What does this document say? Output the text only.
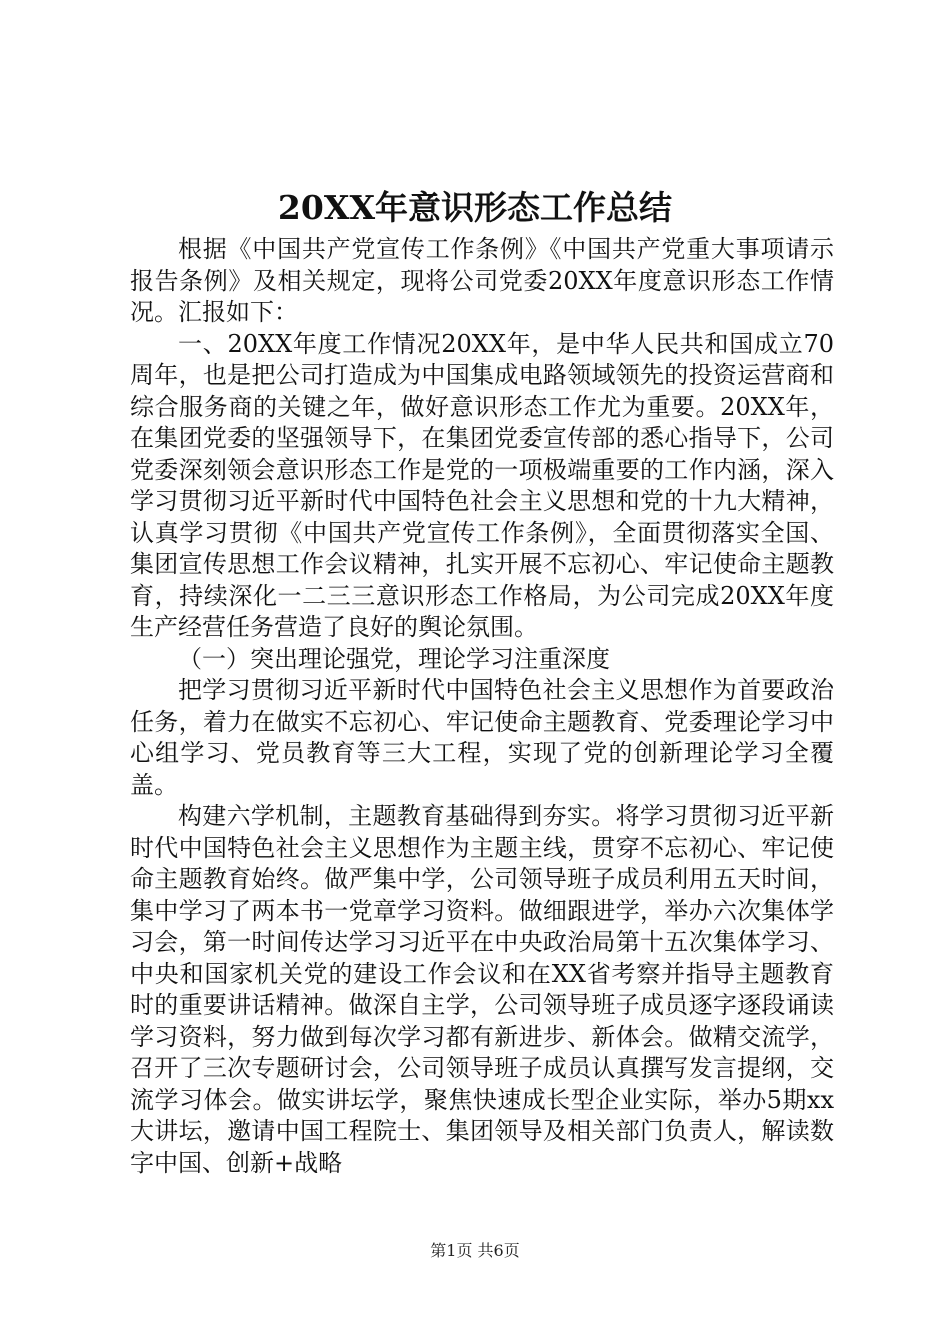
20XX年意识形态工作总结

根据《中国共产党宣传工作条例》《中国共产党重大事项请示报告条例》及相关规定，现将公司党委20XX年度意识形态工作情况。汇报如下：

一、20XX年度工作情况20XX年，是中华人民共和国成立70周年，也是把公司打造成为中国集成电路领域领先的投资运营商和综合服务商的关键之年，做好意识形态工作尤为重要。20XX年，在集团党委的坚强领导下，在集团党委宣传部的悉心指导下，公司党委深刻领会意识形态工作是党的一项极端重要的工作内涵，深入学习贯彻习近平新时代中国特色社会主义思想和党的十九大精神，认真学习贯彻《中国共产党宣传工作条例》，全面贯彻落实全国、集团宣传思想工作会议精神，扎实开展不忘初心、牢记使命主题教育，持续深化一二三三意识形态工作格局，为公司完成20XX年度生产经营任务营造了良好的舆论氛围。

（一）突出理论强党，理论学习注重深度

把学习贯彻习近平新时代中国特色社会主义思想作为首要政治任务，着力在做实不忘初心、牢记使命主题教育、党委理论学习中心组学习、党员教育等三大工程，实现了党的创新理论学习全覆盖。

构建六学机制，主题教育基础得到夯实。将学习贯彻习近平新时代中国特色社会主义思想作为主题主线，贯穿不忘初心、牢记使命主题教育始终。做严集中学，公司领导班子成员利用五天时间，集中学习了两本书一党章学习资料。做细跟进学，举办六次集体学习会，第一时间传达学习习近平在中央政治局第十五次集体学习、中央和国家机关党的建设工作会议和在XX省考察并指导主题教育时的重要讲话精神。做深自主学，公司领导班子成员逐字逐段诵读学习资料，努力做到每次学习都有新进步、新体会。做精交流学，召开了三次专题研讨会，公司领导班子成员认真撰写发言提纲，交流学习体会。做实讲坛学，聚焦快速成长型企业实际，举办5期xx大讲坛，邀请中国工程院士、集团领导及相关部门负责人，解读数字中国、创新+战略

第1页 共6页
